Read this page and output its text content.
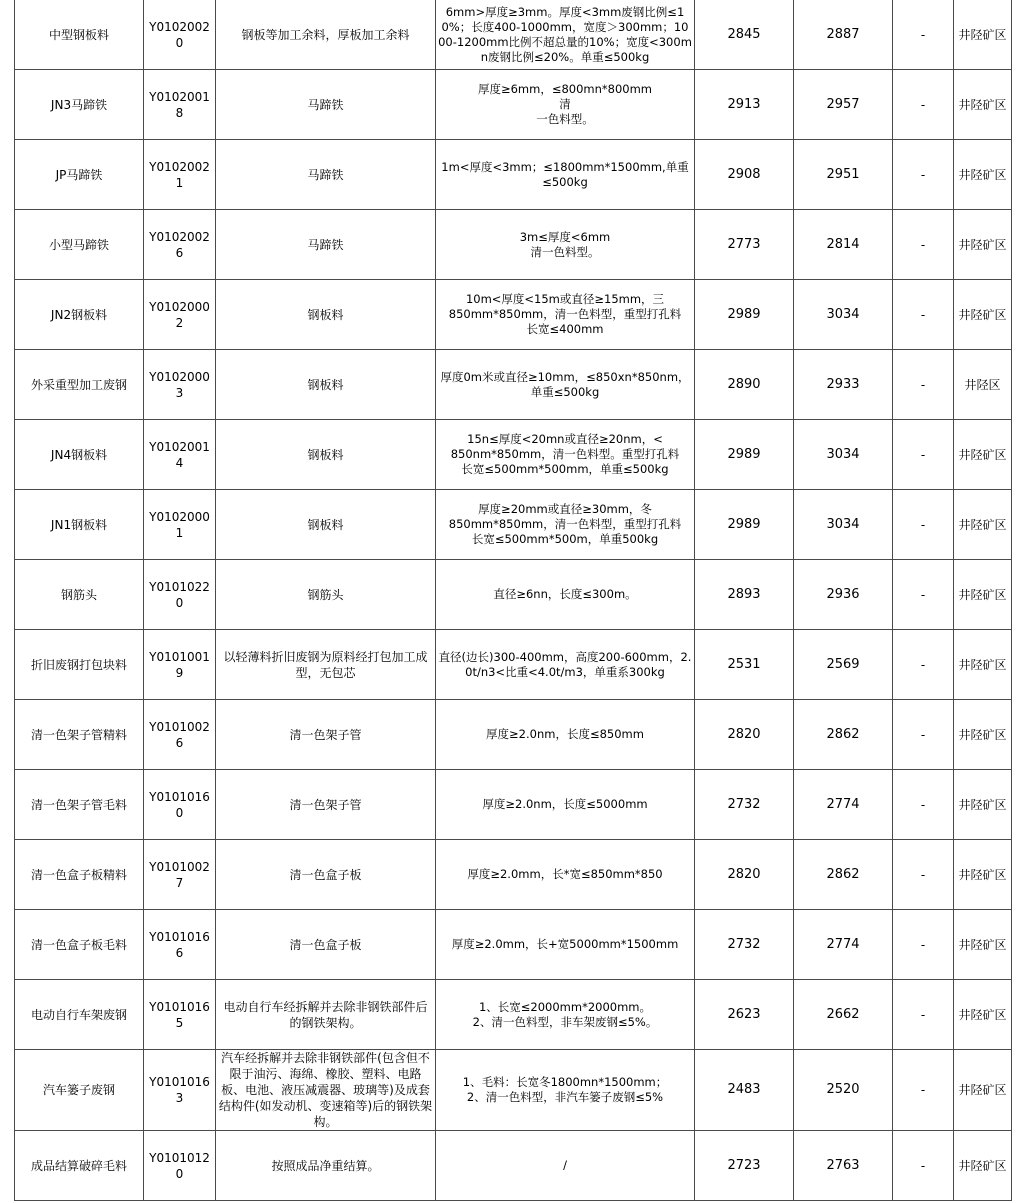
中型钢板料	Y01020020	钢板等加工余料，厚板加工余料	6mm>厚度≥3mm。厚度<3mm废钢比例≤10%；长度400-1000mm，宽度＞300mm；1000-1200mm比例不超总量的10%；宽度<300mn废钢比例≤20%。单重≤500kg	2845	2887	-	井陉矿区
JN3马蹄铁	Y01020018	马蹄铁	厚度≥6mm，≤800mn*800mm
清
一色料型。	2913	2957	-	井陉矿区
JP马蹄铁	Y01020021	马蹄铁	1m<厚度<3mm；≤1800mm*1500mm,单重≤500kg	2908	2951	-	井陉矿区
小型马蹄铁	Y01020026	马蹄铁	3m≤厚度<6mm
清一色料型。	2773	2814	-	井陉矿区
JN2钢板料	Y01020002	钢板料	10m<厚度<15m或直径≥15mm，三
850mm*850mm，清一色料型，重型打孔料
长宽≤400mm	2989	3034	-	井陉矿区
外采重型加工废钢	Y01020003	钢板料	厚度0m米或直径≥10mm，≤850xn*850nm，单重≤500kg	2890	2933	-	井陉区
JN4钢板料	Y01020014	钢板料	15n≤厚度<20mn或直径≥20nm，<
850nm*850mm，清一色料型。重型打孔料
长宽≤500mm*500mm，单重≤500kg	2989	3034	-	井陉矿区
JN1钢板料	Y01020001	钢板料	厚度≥20mm或直径≥30mm，冬
850mm*850mm，清一色料型，重型打孔料
长宽≤500mm*500m，单重500kg	2989	3034	-	井陉矿区
钢筋头	Y01010220	钢筋头	直径≥6nn，长度≤300m。	2893	2936	-	井陉矿区
折旧废钢打包块料	Y01010019	以轻薄料折旧废钢为原料经打包加工成型，无包芯	直径(边长)300-400mm，高度200-600mm，2.0t/n3<比重<4.0t/m3，单重系300kg	2531	2569	-	井陉矿区
清一色架子管精料	Y01010026	清一色架子管	厚度≥2.0nm，长度≤850mm	2820	2862	-	井陉矿区
清一色架子管毛料	Y01010160	清一色架子管	厚度≥2.0nm，长度≤5000mm	2732	2774	-	井陉矿区
清一色盒子板精料	Y01010027	清一色盒子板	厚度≥2.0mm，长*宽≤850mm*850	2820	2862	-	井陉矿区
清一色盒子板毛料	Y01010166	清一色盒子板	厚度≥2.0mm，长+宽5000mm*1500mm	2732	2774	-	井陉矿区
电动自行车架废钢	Y01010165	电动自行车经拆解并去除非钢铁部件后的钢铁架构。	1、长宽≤2000mm*2000mm。
2、清一色料型，非车架废钢≤5%。	2623	2662	-	井陉矿区
汽车篓子废钢	Y01010163	汽车经拆解并去除非钢铁部件(包含但不限于油污、海绵、橡胶、塑料、电路板、电池、液压减震器、玻璃等)及成套结构件(如发动机、变速箱等)后的钢铁架构。	1、毛料：长宽冬1800mn*1500mm；
2、清一色料型，非汽车篓子废钢≤5%	2483	2520	-	井陉矿区
成品结算破碎毛料	Y01010120	按照成品净重结算。	/	2723	2763	-	井陉矿区
